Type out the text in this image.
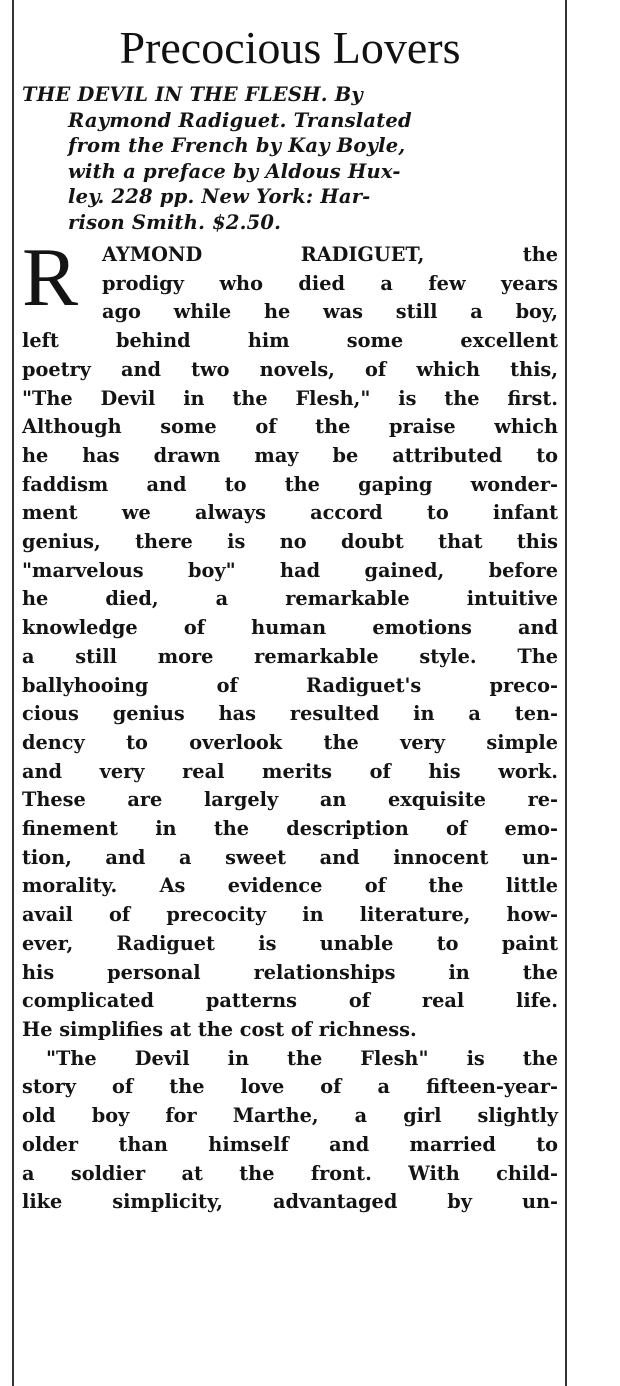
Precocious Lovers
THE DEVIL IN THE FLESH. By
Raymond Radiguet. Translated
from the French by Kay Boyle,
with a preface by Aldous Hux-
ley. 228 pp. New York: Har-
rison Smith. $2.50.
R	AYMOND RADIGUET, the
prodigy who died a few years
ago while he was still a boy,
left behind him some excellent
poetry and two novels, of which this,
"The Devil in the Flesh," is the first.
Although some of the praise which
he has drawn may be attributed to
faddism and to the gaping wonder-
ment we always accord to infant
genius, there is no doubt that this
"marvelous boy" had gained, before
he died, a remarkable intuitive
knowledge of human emotions and
a still more remarkable style. The
ballyhooing of Radiguet's preco-
cious genius has resulted in a ten-
dency to overlook the very simple
and very real merits of his work.
These are largely an exquisite re-
finement in the description of emo-
tion, and a sweet and innocent un-
morality. As evidence of the little
avail of precocity in literature, how-
ever, Radiguet is unable to paint
his personal relationships in the
complicated patterns of real life.
He simplifies at the cost of richness.
"The Devil in the Flesh" is the
story of the love of a fifteen-year-
old boy for Marthe, a girl slightly
older than himself and married to
a soldier at the front. With child-
like simplicity, advantaged by un-
